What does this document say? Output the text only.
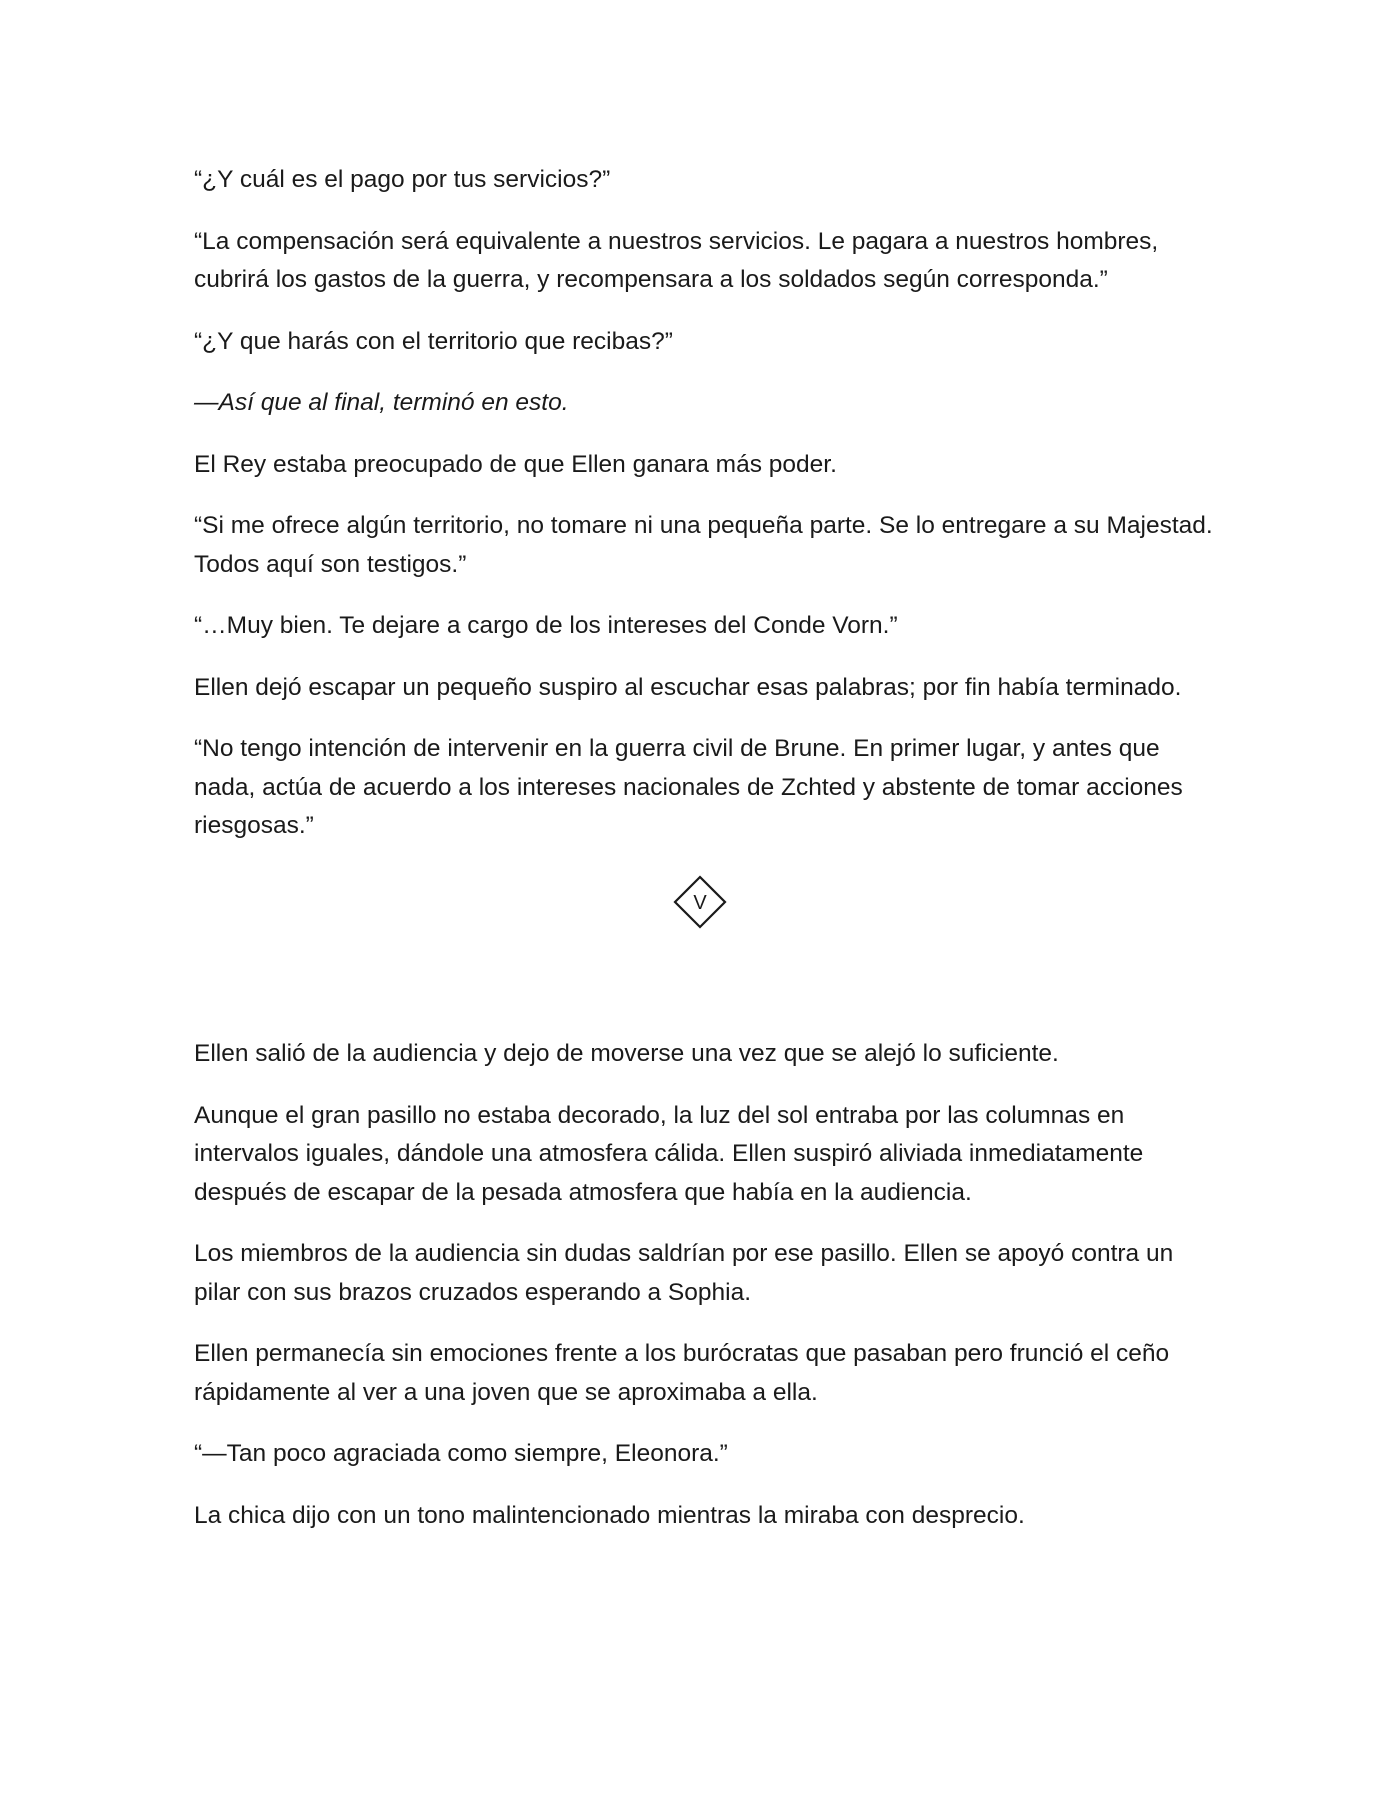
“¿Y cuál es el pago por tus servicios?”

“La compensación será equivalente a nuestros servicios. Le pagara a nuestros hombres, cubrirá los gastos de la guerra, y recompensara a los soldados según corresponda.”

“¿Y que harás con el territorio que recibas?”

—Así que al final, terminó en esto.

El Rey estaba preocupado de que Ellen ganara más poder.

“Si me ofrece algún territorio, no tomare ni una pequeña parte. Se lo entregare a su Majestad. Todos aquí son testigos.”

“…Muy bien. Te dejare a cargo de los intereses del Conde Vorn.”

Ellen dejó escapar un pequeño suspiro al escuchar esas palabras; por fin había terminado.

“No tengo intención de intervenir en la guerra civil de Brune. En primer lugar, y antes que nada, actúa de acuerdo a los intereses nacionales de Zchted y abstente de tomar acciones riesgosas.”

V

Ellen salió de la audiencia y dejo de moverse una vez que se alejó lo suficiente.

Aunque el gran pasillo no estaba decorado, la luz del sol entraba por las columnas en intervalos iguales, dándole una atmosfera cálida. Ellen suspiró aliviada inmediatamente después de escapar de la pesada atmosfera que había en la audiencia.

Los miembros de la audiencia sin dudas saldrían por ese pasillo. Ellen se apoyó contra un pilar con sus brazos cruzados esperando a Sophia.

Ellen permanecía sin emociones frente a los burócratas que pasaban pero frunció el ceño rápidamente al ver a una joven que se aproximaba a ella.

“—Tan poco agraciada como siempre, Eleonora.”

La chica dijo con un tono malintencionado mientras la miraba con desprecio.
